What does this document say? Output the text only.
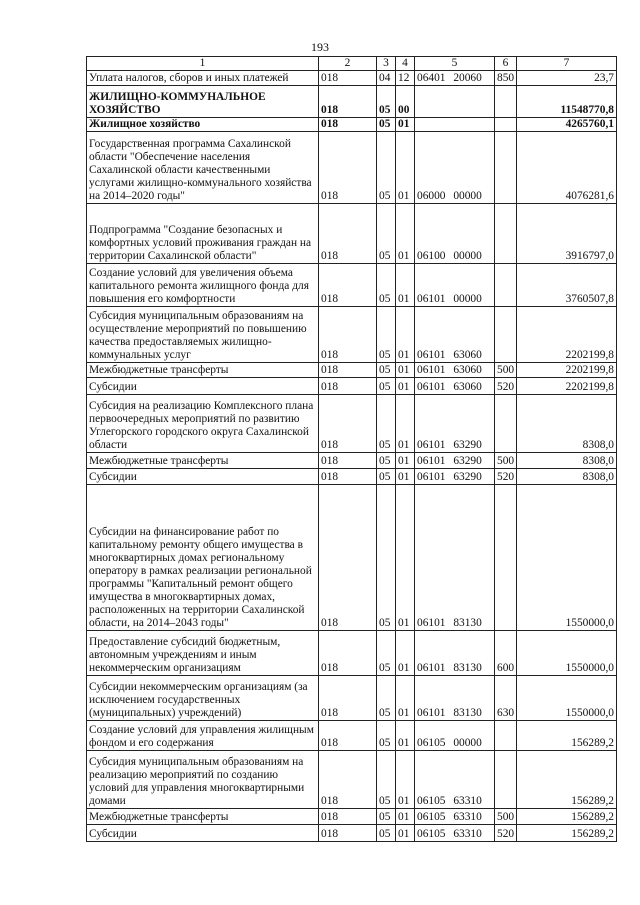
193
1	2	3	4	5	6	7
Уплата налогов, сборов и иных платежей	018	04	12	06401 20060	850	23,7
ЖИЛИЩНО-КОММУНАЛЬНОЕ ХОЗЯЙСТВО	018	05	00			11548770,8
Жилищное хозяйство	018	05	01			4265760,1
Государственная программа Сахалинской области "Обеспечение населения Сахалинской области качественными услугами жилищно-коммунального хозяйства на 2014–2020 годы"	018	05	01	06000 00000		4076281,6
Подпрограмма "Создание безопасных и комфортных условий проживания граждан на территории Сахалинской области"	018	05	01	06100 00000		3916797,0
Создание условий для увеличения объема капитального ремонта жилищного фонда для повышения его комфортности	018	05	01	06101 00000		3760507,8
Субсидия муниципальным образованиям на осуществление мероприятий по повышению качества предоставляемых жилищно-коммунальных услуг	018	05	01	06101 63060		2202199,8
Межбюджетные трансферты	018	05	01	06101 63060	500	2202199,8
Субсидии	018	05	01	06101 63060	520	2202199,8
Субсидия на реализацию Комплексного плана первоочередных мероприятий по развитию Углегорского городского округа Сахалинской области	018	05	01	06101 63290		8308,0
Межбюджетные трансферты	018	05	01	06101 63290	500	8308,0
Субсидии	018	05	01	06101 63290	520	8308,0
Субсидии на финансирование работ по капитальному ремонту общего имущества в многоквартирных домах региональному оператору в рамках реализации региональной программы "Капитальный ремонт общего имущества в многоквартирных домах, расположенных на территории Сахалинской области, на 2014–2043 годы"	018	05	01	06101 83130		1550000,0
Предоставление субсидий бюджетным, автономным учреждениям и иным некоммерческим организациям	018	05	01	06101 83130	600	1550000,0
Субсидии некоммерческим организациям (за исключением государственных (муниципальных) учреждений)	018	05	01	06101 83130	630	1550000,0
Создание условий для управления жилищным фондом и его содержания	018	05	01	06105 00000		156289,2
Субсидия муниципальным образованиям на реализацию мероприятий по созданию условий для управления многоквартирными домами	018	05	01	06105 63310		156289,2
Межбюджетные трансферты	018	05	01	06105 63310	500	156289,2
Субсидии	018	05	01	06105 63310	520	156289,2
